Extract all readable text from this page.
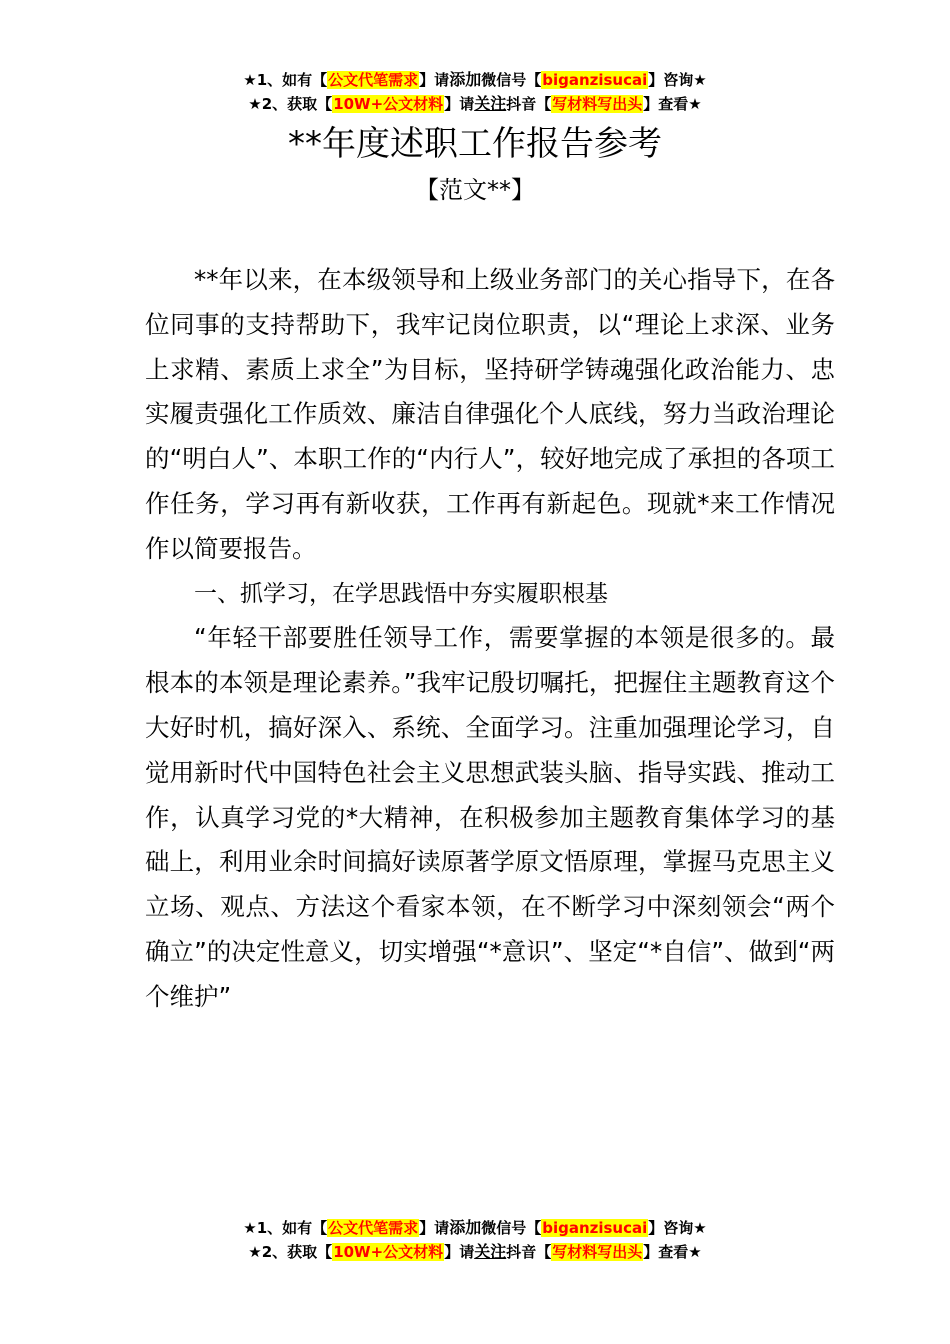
★1、如有【公文代笔需求】请添加微信号【biganzisucai】咨询★
★2、获取【10W+公文材料】请关注抖音【写材料写出头】查看★
**年度述职工作报告参考
【范文**】

**年以来，在本级领导和上级业务部门的关心指导下，在各位同事的支持帮助下，我牢记岗位职责，以“理论上求深、业务上求精、素质上求全”为目标，坚持研学铸魂强化政治能力、忠实履责强化工作质效、廉洁自律强化个人底线，努力当政治理论的“明白人”、本职工作的“内行人”，较好地完成了承担的各项工作任务，学习再有新收获，工作再有新起色。现就*来工作情况作以简要报告。

一、抓学习，在学思践悟中夯实履职根基

“年轻干部要胜任领导工作，需要掌握的本领是很多的。最根本的本领是理论素养。”我牢记殷切嘱托，把握住主题教育这个大好时机，搞好深入、系统、全面学习。注重加强理论学习，自觉用新时代中国特色社会主义思想武装头脑、指导实践、推动工作，认真学习党的*大精神，在积极参加主题教育集体学习的基础上，利用业余时间搞好读原著学原文悟原理，掌握马克思主义立场、观点、方法这个看家本领，在不断学习中深刻领会“两个确立”的决定性意义，切实增强“*意识”、坚定“*自信”、做到“两个维护”

★1、如有【公文代笔需求】请添加微信号【biganzisucai】咨询★
★2、获取【10W+公文材料】请关注抖音【写材料写出头】查看★
